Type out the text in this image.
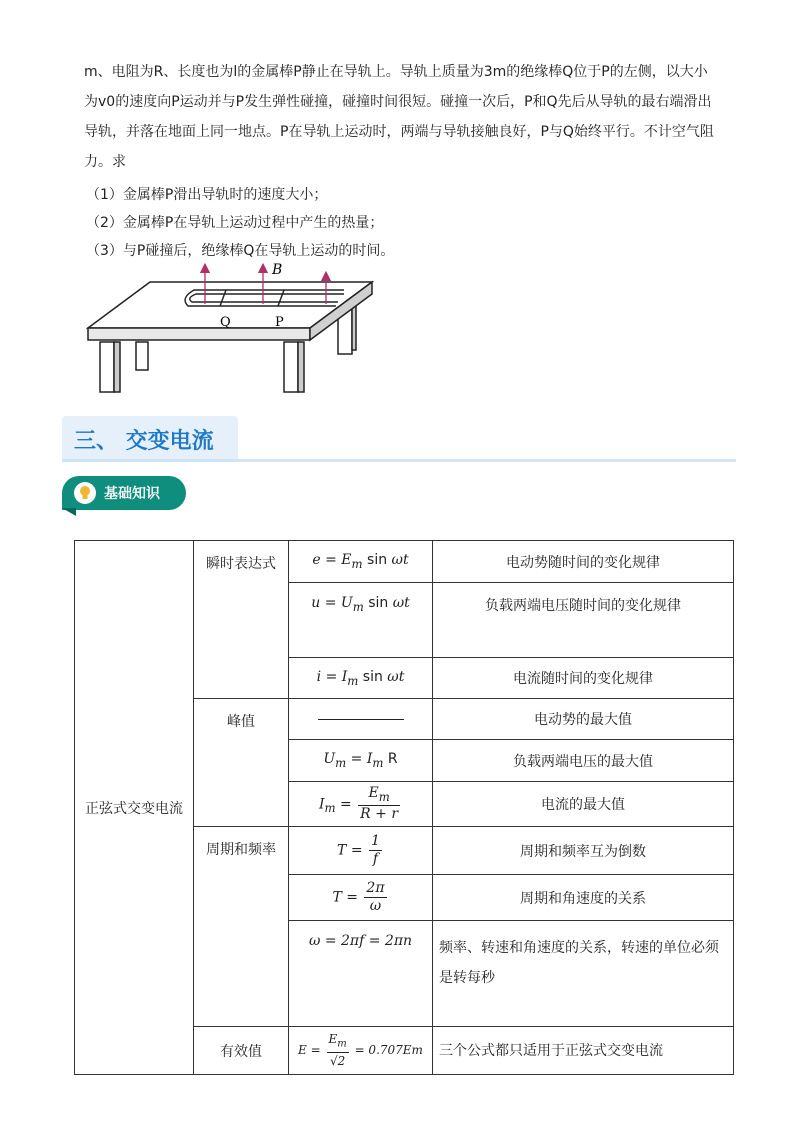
m、电阻为R、长度也为l的金属棒P静止在导轨上。导轨上质量为3m的绝缘棒Q位于P的左侧，以大小

为v0的速度向P运动并与P发生弹性碰撞，碰撞时间很短。碰撞一次后，P和Q先后从导轨的最右端滑出

导轨，并落在地面上同一地点。P在导轨上运动时，两端与导轨接触良好，P与Q始终平行。不计空气阻

力。求

（1）金属棒P滑出导轨时的速度大小；
（2）金属棒P在导轨上运动过程中产生的热量；
（3）与P碰撞后，绝缘棒Q在导轨上运动的时间。
B
Q	P
三、 交变电流
基础知识
正弦式交变电流	瞬时表达式	$e = E_m$ sin ωt	电动势随时间的变化规律
		$u = U_m$ sin ωt	负载两端电压随时间的变化规律
		$i = I_m$ sin ωt	电流随时间的变化规律
	峰值		电动势的最大值
		$U_m = I_m$ R	负载两端电压的最大值
		$I_m = \frac{E_m}{R + r}$	电流的最大值
	周期和频率	$T = \frac{1}{f}$	周期和频率互为倒数
		$T = \frac{2\pi}{\omega}$	周期和角速度的关系
		ω = 2πf = 2πn	频率、转速和角速度的关系，转速的单位必须是转每秒
	有效值	$E = \frac{E_m}{√2} = 0.707Em$	三个公式都只适用于正弦式交变电流
